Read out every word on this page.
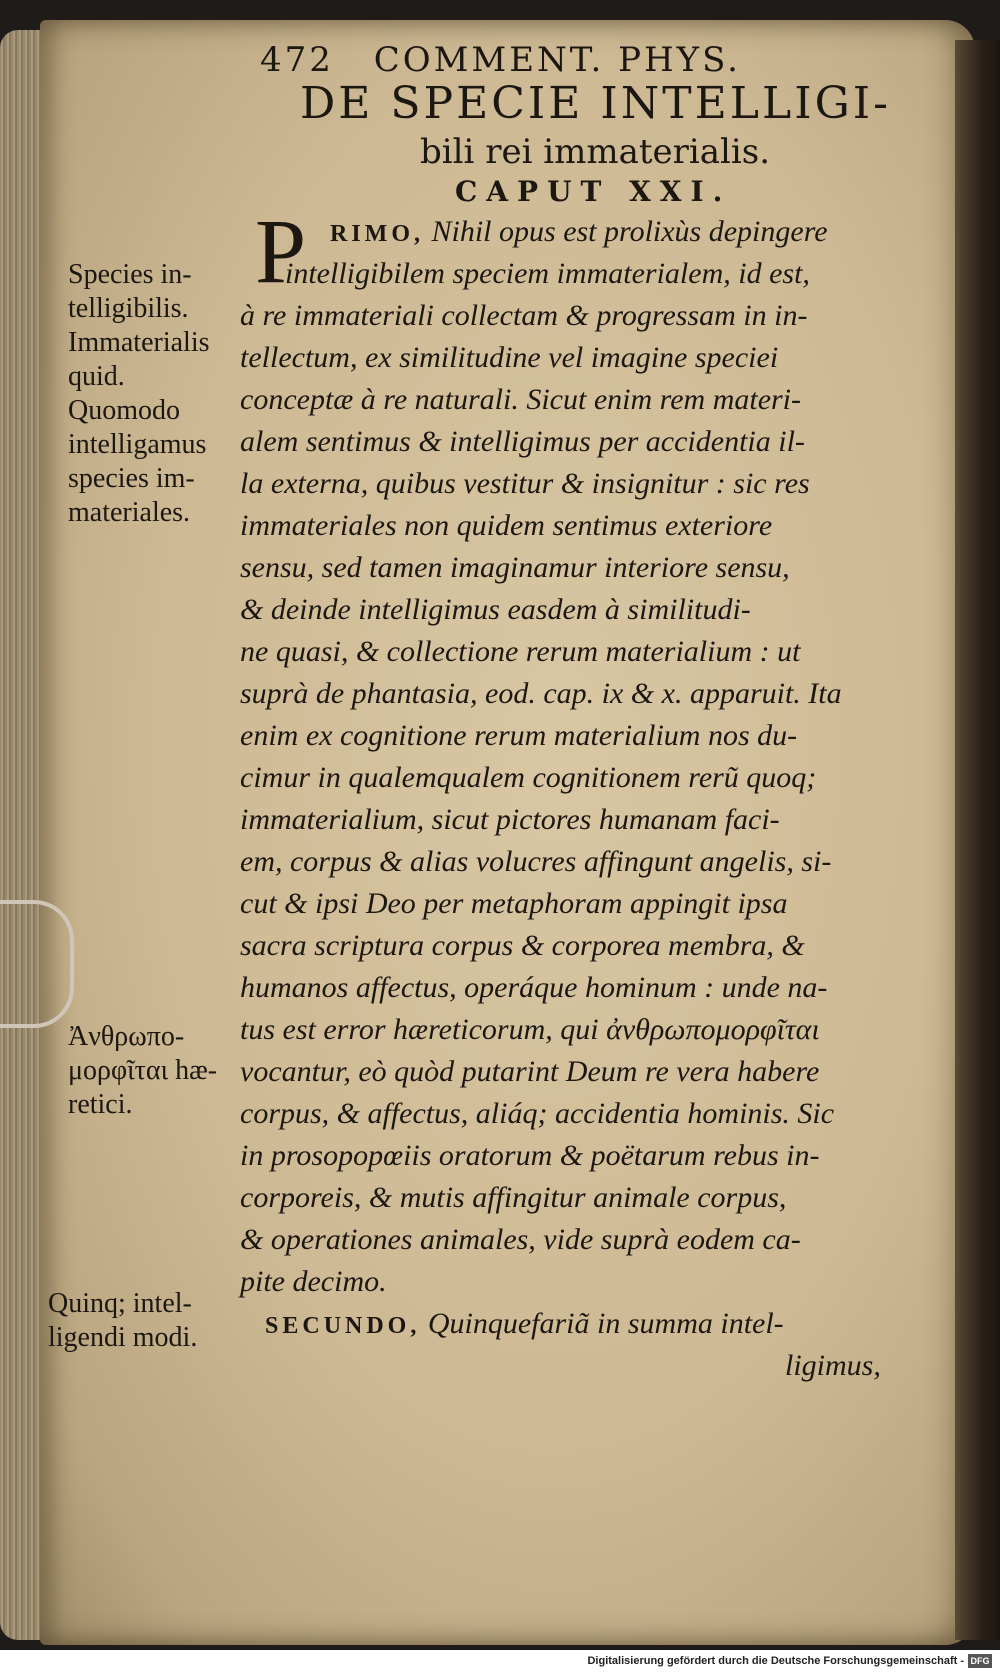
472 COMMENT. PHYS.
DE SPECIE INTELLIGI-
bili rei immaterialis.
CAPUT XXI.
P RIMO, Nihil opus est prolixùs depingere
intelligibilem speciem immaterialem, id est,
à re immateriali collectam & progressam in in-
tellectum, ex similitudine vel imagine speciei
conceptæ à re naturali. Sicut enim rem materi-
alem sentimus & intelligimus per accidentia il-
la externa, quibus vestitur & insignitur : sic res
immateriales non quidem sentimus exteriore
sensu, sed tamen imaginamur interiore sensu,
& deinde intelligimus easdem à similitudi-
ne quasi, & collectione rerum materialium : ut
suprà de phantasia, eod. cap. ix & x. apparuit. Ita
enim ex cognitione rerum materialium nos du-
cimur in qualemqualem cognitionem rerũ quoq;
immaterialium, sicut pictores humanam faci-
em, corpus & alias volucres affingunt angelis, si-
cut & ipsi Deo per metaphoram appingit ipsa
sacra scriptura corpus & corporea membra, &
humanos affectus, operáque hominum : unde na-
tus est error hæreticorum, qui ἀνθρωπομορφῖται
vocantur, eò quòd putarint Deum re vera habere
corpus, & affectus, aliáq; accidentia hominis. Sic
in prosopopœiis oratorum & poëtarum rebus in-
corporeis, & mutis affingitur animale corpus,
& operationes animales, vide suprà eodem ca-
pite decimo.
SECUNDO, Quinquefariã in summa intel-
ligimus,
Species in-
telligibilis.
Immaterialis
quid.
Quomodo
intelligamus
species im-
materiales.
Ἀνθρωπο-
μορφῖται hæ-
retici.
Quinq; intel-
ligendi modi.
Digitalisierung gefördert durch die Deutsche Forschungsgemeinschaft - DFG
